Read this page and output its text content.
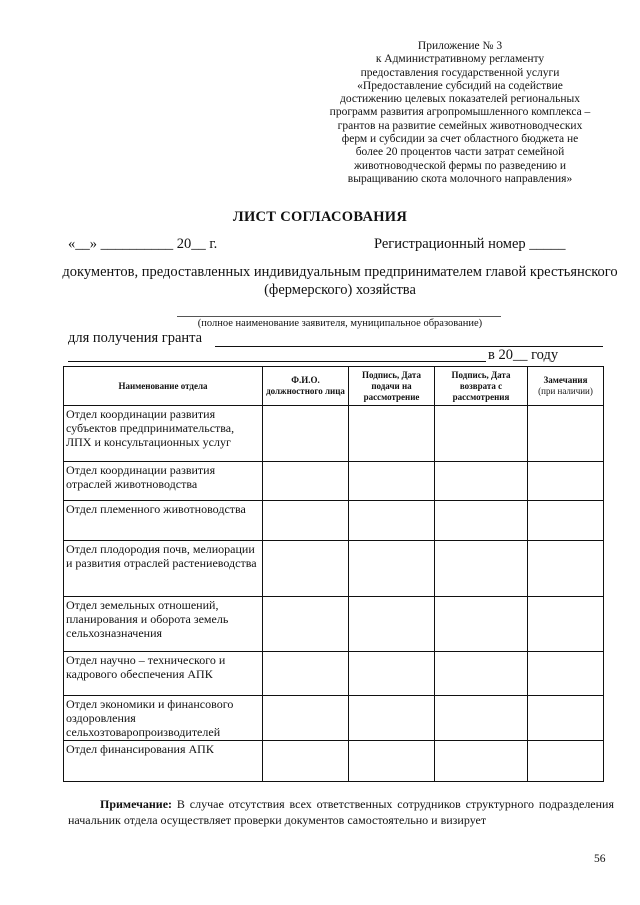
Приложение № 3
к Административному регламенту
предоставления государственной услуги
«Предоставление субсидий на содействие
достижению целевых показателей региональных
программ развития агропромышленного комплекса –
грантов на развитие семейных животноводческих
ферм и субсидии за счет областного бюджета не
более 20 процентов части затрат семейной
животноводческой фермы по разведению и
выращиванию скота молочного направления»
ЛИСТ СОГЛАСОВАНИЯ
«__» __________ 20__ г.	Регистрационный номер _____
документов, предоставленных индивидуальным предпринимателем главой крестьянского (фермерского) хозяйства
(полное наименование заявителя, муниципальное образование)
для получения гранта
в 20__ году
Наименование отдела	Ф.И.О. должностного лица	Подпись, Дата подачи на рассмотрение	Подпись, Дата возврата с рассмотрения	Замечания
(при наличии)
Отдел координации развития субъектов предпринимательства, ЛПХ и консультационных услуг				
Отдел координации развития отраслей животноводства				
Отдел племенного животноводства				
Отдел плодородия почв, мелиорации и развития отраслей растениеводства				
Отдел земельных отношений, планирования и оборота земель сельхозназначения				
Отдел научно – технического и кадрового обеспечения АПК				
Отдел экономики и финансового оздоровления сельхозтоваропроизводителей				
Отдел финансирования АПК				
Примечание: В случае отсутствия всех ответственных сотрудников структурного подразделения начальник отдела осуществляет проверки документов самостоятельно и визирует
56
